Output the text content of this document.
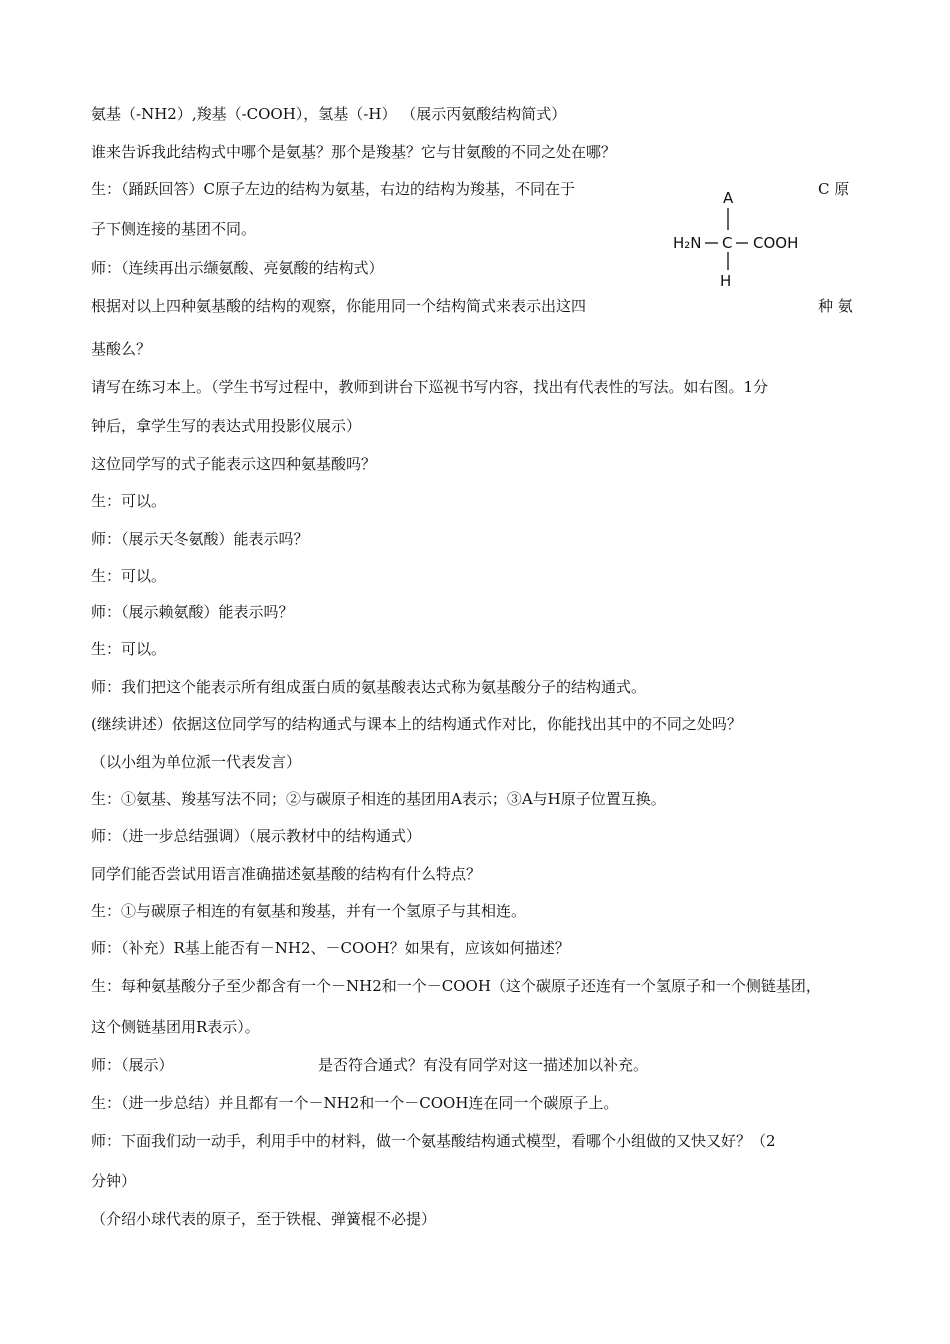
氨基（-NH2）,羧基（-COOH），氢基（-H） （展示丙氨酸结构简式）
谁来告诉我此结构式中哪个是氨基？那个是羧基？它与甘氨酸的不同之处在哪？
生：（踊跃回答）C原子左边的结构为氨基，右边的结构为羧基，不同在于	C 原
子下侧连接的基团不同。
师：（连续再出示缬氨酸、亮氨酸的结构式）
根据对以上四种氨基酸的结构的观察，你能用同一个结构简式来表示出这四	种 氨
基酸么？
请写在练习本上。（学生书写过程中，教师到讲台下巡视书写内容，找出有代表性的写法。如右图。1分
钟后，拿学生写的表达式用投影仪展示）
这位同学写的式子能表示这四种氨基酸吗？
生：可以。
师：（展示天冬氨酸）能表示吗？
生：可以。
师：（展示赖氨酸）能表示吗？
生：可以。
师：我们把这个能表示所有组成蛋白质的氨基酸表达式称为氨基酸分子的结构通式。
(继续讲述）依据这位同学写的结构通式与课本上的结构通式作对比，你能找出其中的不同之处吗？
（以小组为单位派一代表发言）
生：①氨基、羧基写法不同；②与碳原子相连的基团用A表示；③A与H原子位置互换。
师：（进一步总结强调）（展示教材中的结构通式）
同学们能否尝试用语言准确描述氨基酸的结构有什么特点？
生：①与碳原子相连的有氨基和羧基，并有一个氢原子与其相连。
师：（补充）R基上能否有－NH2、－COOH？如果有，应该如何描述？
生：每种氨基酸分子至少都含有一个－NH2和一个－COOH（这个碳原子还连有一个氢原子和一个侧链基团，
这个侧链基团用R表示）。
师：（展示）	是否符合通式？有没有同学对这一描述加以补充。
生：（进一步总结）并且都有一个－NH2和一个－COOH连在同一个碳原子上。
师：下面我们动一动手，利用手中的材料，做一个氨基酸结构通式模型，看哪个小组做的又快又好？（2
分钟）
（介绍小球代表的原子，至于铁棍、弹簧棍不必提）
A
H₂N C COOH
H
